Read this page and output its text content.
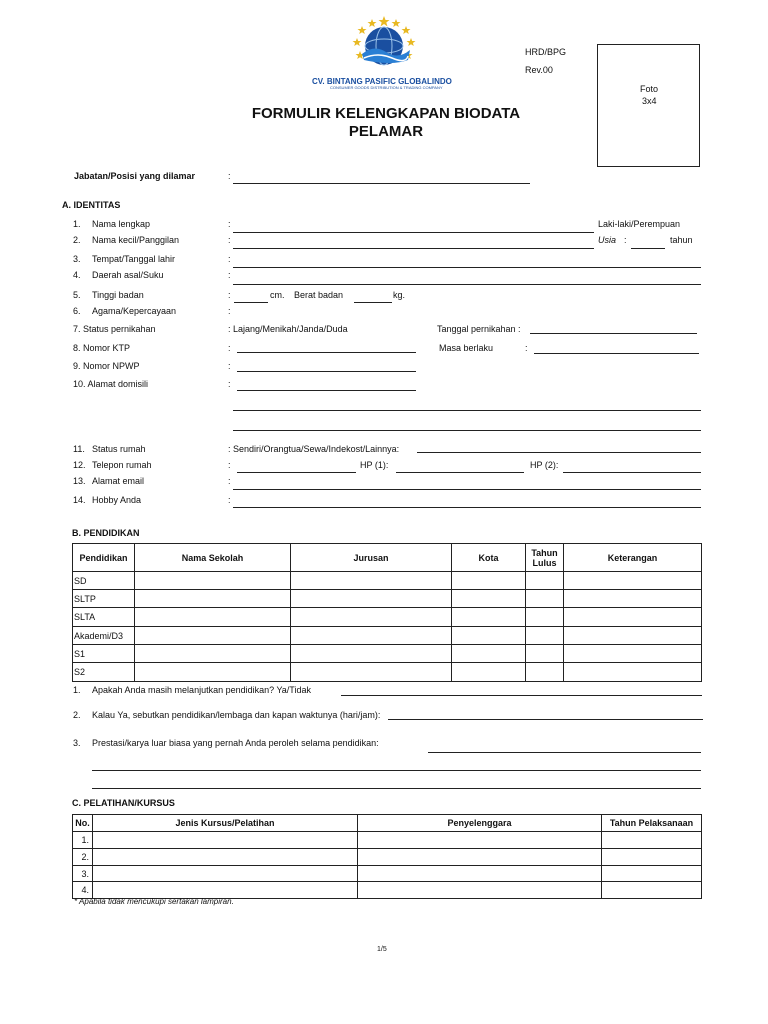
CV. BINTANG PASIFIC GLOBALINDO
CONSUMER GOODS DISTRIBUTION & TRADING COMPANY
HRD/BPG
Rev.00
Foto
3x4
FORMULIR KELENGKAPAN BIODATA
PELAMAR
Jabatan/Posisi yang dilamar	:
A. IDENTITAS
1. Nama lengkap	:	Laki-laki/Perempuan
2. Nama kecil/Panggilan	:	Usia :	tahun
3. Tempat/Tanggal lahir	:
4. Daerah asal/Suku	:
5. Tinggi badan	:	cm. Berat badan	kg.
6. Agama/Kepercayaan	:
7. Status pernikahan	: Lajang/Menikah/Janda/Duda	Tanggal pernikahan :
8. Nomor KTP	:	Masa berlaku	:
9. Nomor NPWP	:
10. Alamat domisili	:
11. Status rumah	: Sendiri/Orangtua/Sewa/Indekost/Lainnya:
12. Telepon rumah	:	HP (1):	HP (2):
13. Alamat email	:
14. Hobby Anda	:
B. PENDIDIKAN
Pendidikan	Nama Sekolah	Jurusan	Kota	Tahun Lulus	Keterangan
SD					
SLTP					
SLTA					
Akademi/D3					
S1					
S2					
1. Apakah Anda masih melanjutkan pendidikan? Ya/Tidak
2. Kalau Ya, sebutkan pendidikan/lembaga dan kapan waktunya (hari/jam):
3. Prestasi/karya luar biasa yang pernah Anda peroleh selama pendidikan:
C. PELATIHAN/KURSUS
No.	Jenis Kursus/Pelatihan	Penyelenggara	Tahun Pelaksanaan
1.			
2.			
3.			
4.			
* Apabila tidak mencukupi sertakan lampiran.
1/5
